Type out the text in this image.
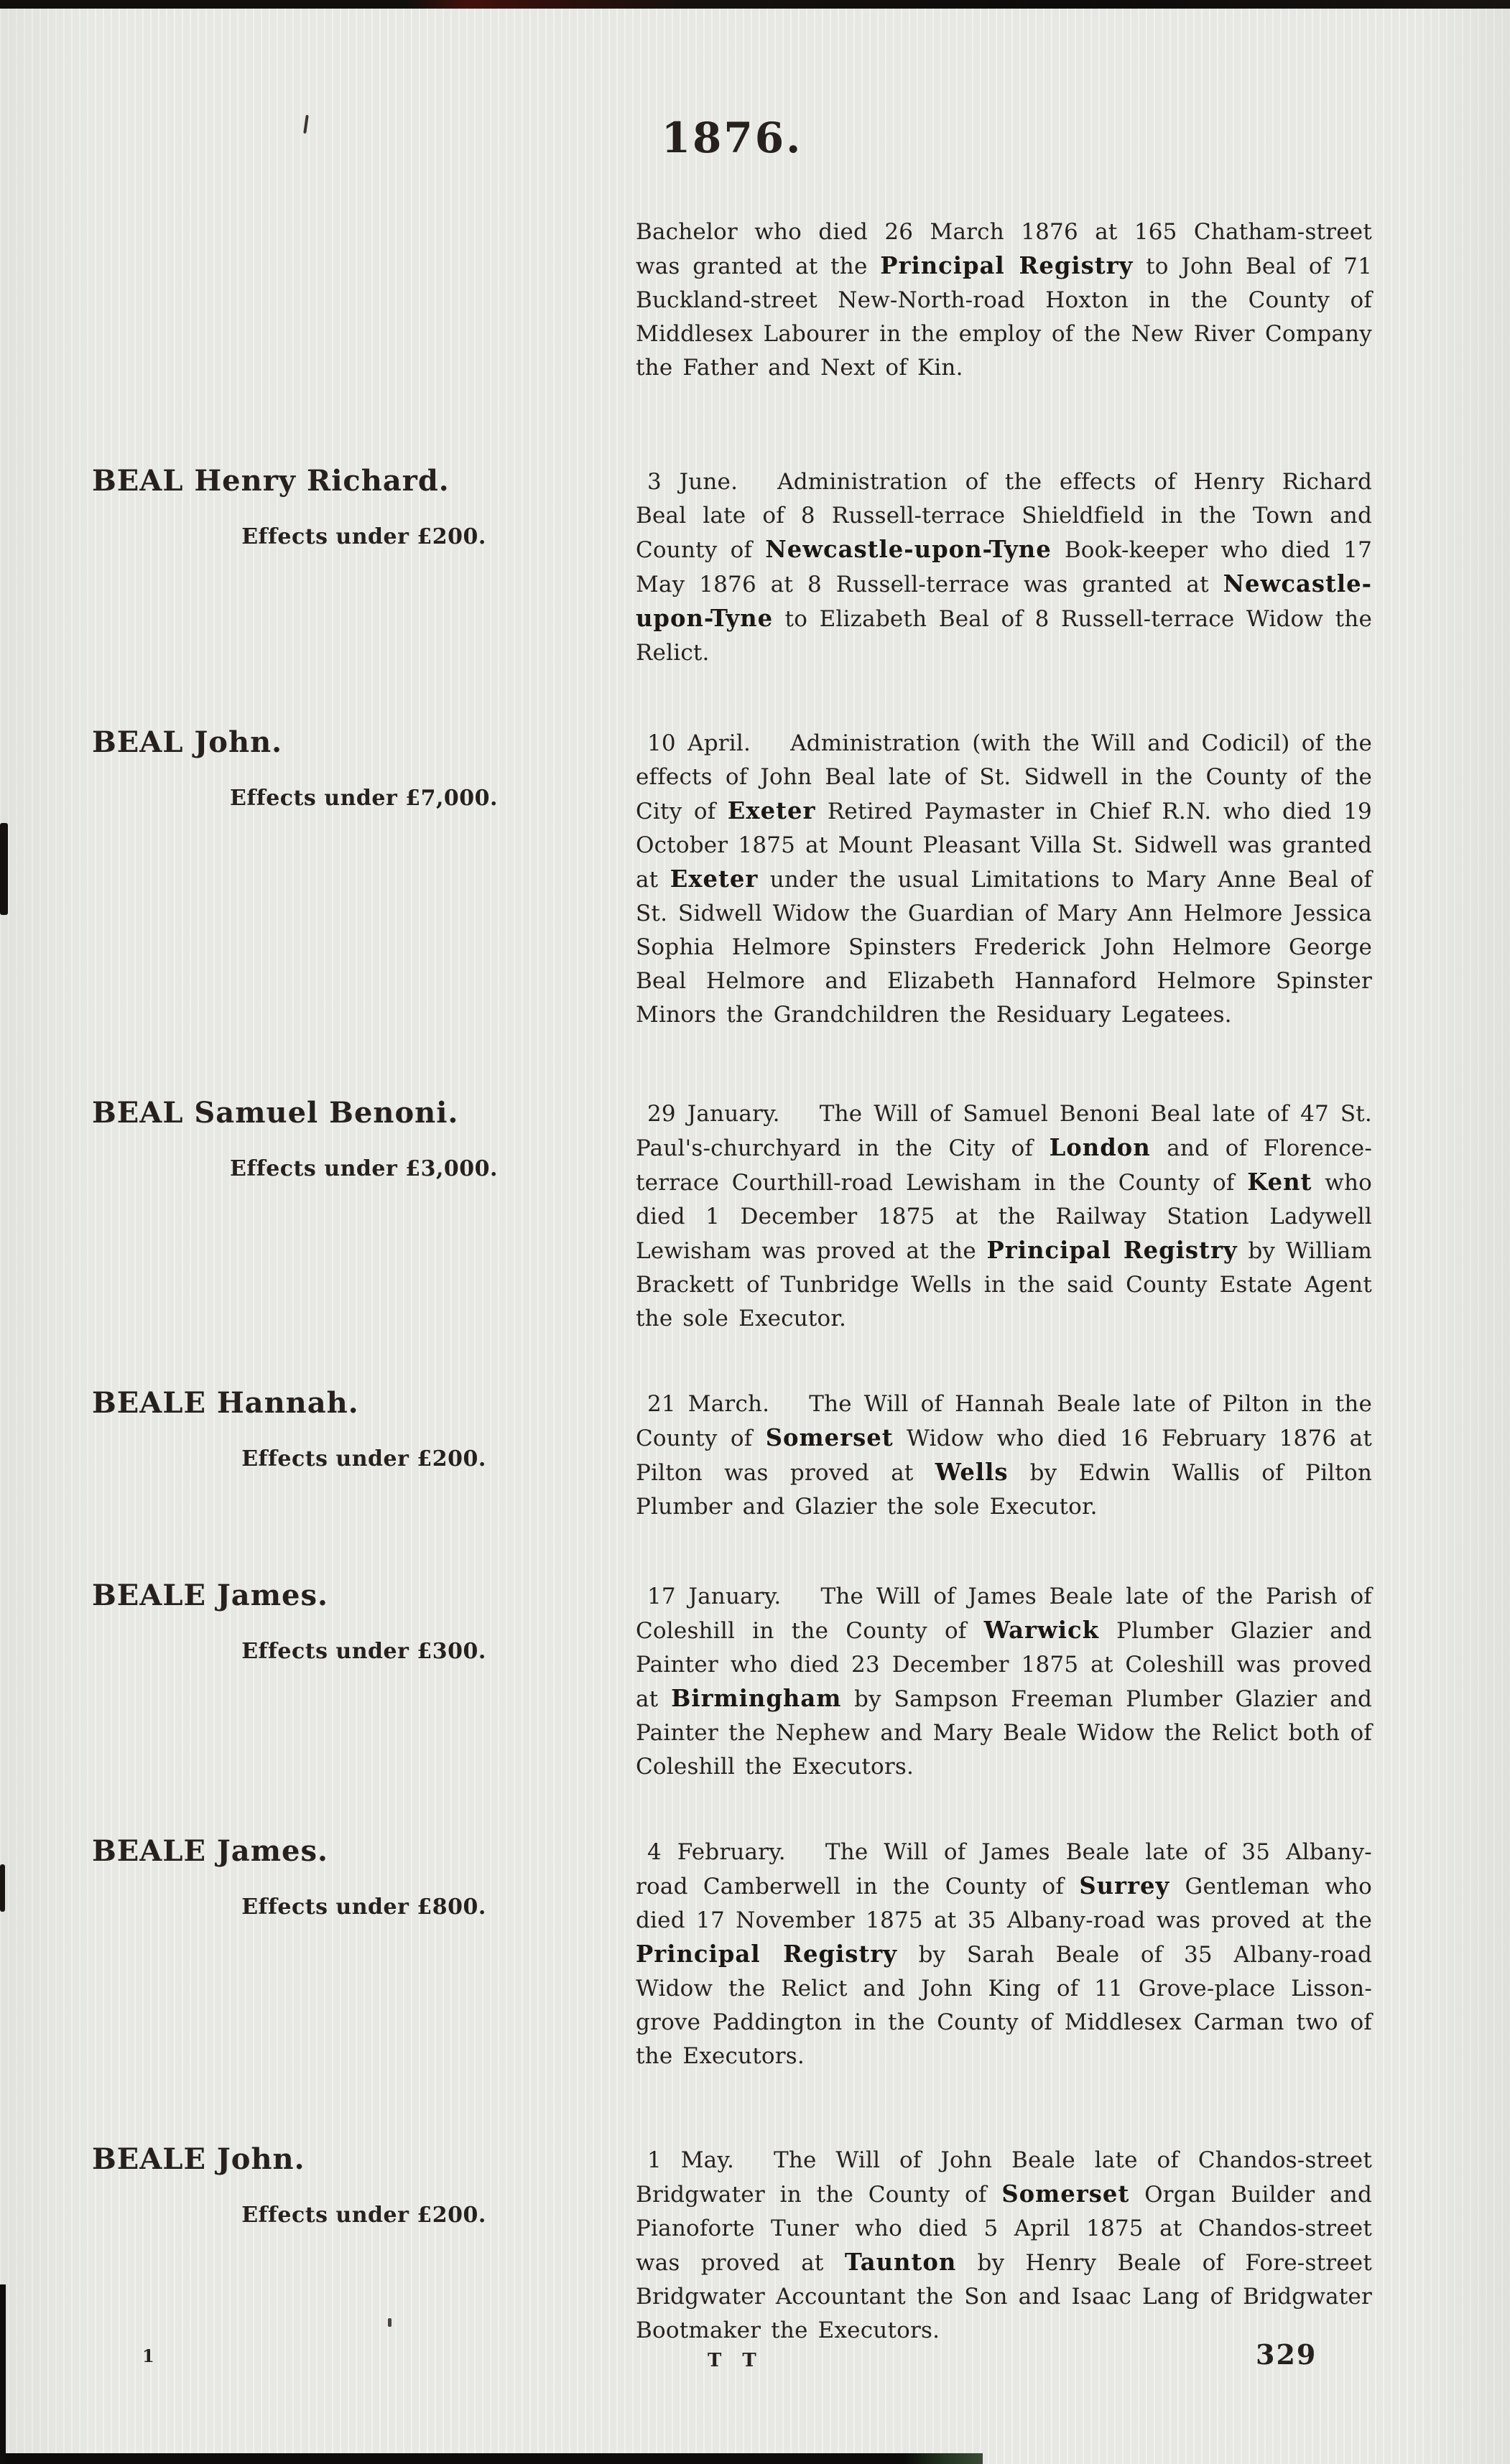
1876.

Bachelor who died 26 March 1876 at 165 Chatham-street was granted at the Principal Registry to John Beal of 71 Buckland-street New-North-road Hoxton in the County of Middlesex Labourer in the employ of the New River Company the Father and Next of Kin.

BEAL Henry Richard.
Effects under £200.

3 June. Administration of the effects of Henry Richard Beal late of 8 Russell-terrace Shieldfield in the Town and County of Newcastle-upon-Tyne Book-keeper who died 17 May 1876 at 8 Russell-terrace was granted at Newcastle-upon-Tyne to Elizabeth Beal of 8 Russell-terrace Widow the Relict.

BEAL John.
Effects under £7,000.

10 April. Administration (with the Will and Codicil) of the effects of John Beal late of St. Sidwell in the County of the City of Exeter Retired Paymaster in Chief R.N. who died 19 October 1875 at Mount Pleasant Villa St. Sidwell was granted at Exeter under the usual Limitations to Mary Anne Beal of St. Sidwell Widow the Guardian of Mary Ann Helmore Jessica Sophia Helmore Spinsters Frederick John Helmore George Beal Helmore and Elizabeth Hannaford Helmore Spinster Minors the Grandchildren the Residuary Legatees.

BEAL Samuel Benoni.
Effects under £3,000.

29 January. The Will of Samuel Benoni Beal late of 47 St. Paul's-churchyard in the City of London and of Florence-terrace Courthill-road Lewisham in the County of Kent who died 1 December 1875 at the Railway Station Ladywell Lewisham was proved at the Principal Registry by William Brackett of Tunbridge Wells in the said County Estate Agent the sole Executor.

BEALE Hannah.
Effects under £200.

21 March. The Will of Hannah Beale late of Pilton in the County of Somerset Widow who died 16 February 1876 at Pilton was proved at Wells by Edwin Wallis of Pilton Plumber and Glazier the sole Executor.

BEALE James.
Effects under £300.

17 January. The Will of James Beale late of the Parish of Coleshill in the County of Warwick Plumber Glazier and Painter who died 23 December 1875 at Coleshill was proved at Birmingham by Sampson Freeman Plumber Glazier and Painter the Nephew and Mary Beale Widow the Relict both of Coleshill the Executors.

BEALE James.
Effects under £800.

4 February. The Will of James Beale late of 35 Albany-road Camberwell in the County of Surrey Gentleman who died 17 November 1875 at 35 Albany-road was proved at the Principal Registry by Sarah Beale of 35 Albany-road Widow the Relict and John King of 11 Grove-place Lisson-grove Paddington in the County of Middlesex Carman two of the Executors.

BEALE John.
Effects under £200.

1 May. The Will of John Beale late of Chandos-street Bridgwater in the County of Somerset Organ Builder and Pianoforte Tuner who died 5 April 1875 at Chandos-street was proved at Taunton by Henry Beale of Fore-street Bridgwater Accountant the Son and Isaac Lang of Bridgwater Bootmaker the Executors.

1	T T	329
